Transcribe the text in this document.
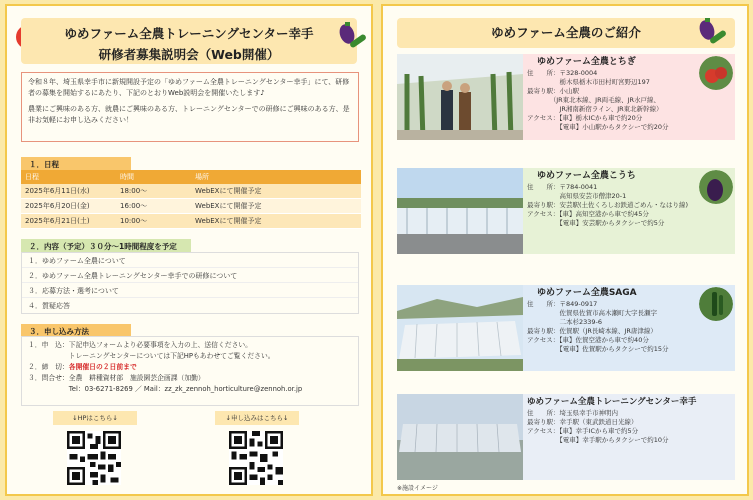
ゆめファーム全農トレーニングセンター幸手
研修者募集説明会（Web開催）
令和８年、埼玉県幸手市に新規開設予定の「ゆめファーム全農トレーニングセンター幸手」にて、研修者の募集を開始するにあたり、下記のとおりWeb説明会を開催いたします♪
農業にご興味のある方、就農にご興味のある方、トレーニングセンターでの研修にご興味のある方、是非お気軽にお申し込みください！
１．日程
日程	時間	場所
2025年6月11日(水)	18:00～	WebEXにて開催予定
2025年6月20日(金)	16:00～	WebEXにて開催予定
2025年6月21日(土)	10:00～	WebEXにて開催予定
２．内容（予定）３０分～1時間程度を予定
１．ゆめファーム全農について
２．ゆめファーム全農トレーニングセンター幸手での研修について
３．応募方法・選考について
４．質疑応答
３．申し込み方法
１．申　込：下記申込フォームより必要事項を入力の上、送信ください。
　　　　　　トレーニングセンターについては下記HPもあわせてご覧ください。
２．締　切：各開催日の２日前まで
３．問合せ：全農　耕種資材部　施設園芸企画課（加勤）
　　　　　　Tel：03-6271-8269 ／ Mail：zz_zk_zennoh_horticulture@zennoh.or.jp
↓HPはこちら↓	↓申し込みはこちら↓
ゆめファーム全農のご紹介
ゆめファーム全農とちぎ
住　　所：〒328-0004
　　　　　栃木県栃木市田村町宮野辺197
最寄り駅：小山駅
　　　　（JR東北本線、JR両毛線、JR水戸線、
　　　　　JR湘南新宿ライン、JR東北新幹線）
アクセス：【車】栃木ICから車で約20分
　　　　　【電車】小山駅からタクシーで約20分
ゆめファーム全農こうち
住　　所：〒784-0041
　　　　　高知県安芸市僧津20-1
最寄り駅：安芸駅(土佐くろしお鉄道ごめん・なはり線)
アクセス：【車】高知空港から車で約45分
　　　　　【電車】安芸駅からタクシーで約5分
ゆめファーム全農SAGA
住　　所：〒849-0917
　　　　　佐賀県佐賀市高木瀬町大字長瀬字
　　　　　二本杉2339-6
最寄り駅：佐賀駅（JR長崎本線、JR唐津線）
アクセス：【車】佐賀空港から車で約40分
　　　　　【電車】佐賀駅からタクシーで約15分
ゆめファーム全農トレーニングセンター幸手
住　　所：埼玉県幸手市神明内
最寄り駅：幸手駅（東武鉄道日光線）
アクセス：【車】幸手ICから車で約5分
　　　　　【電車】幸手駅からタクシーで約10分
※施設イメージ
